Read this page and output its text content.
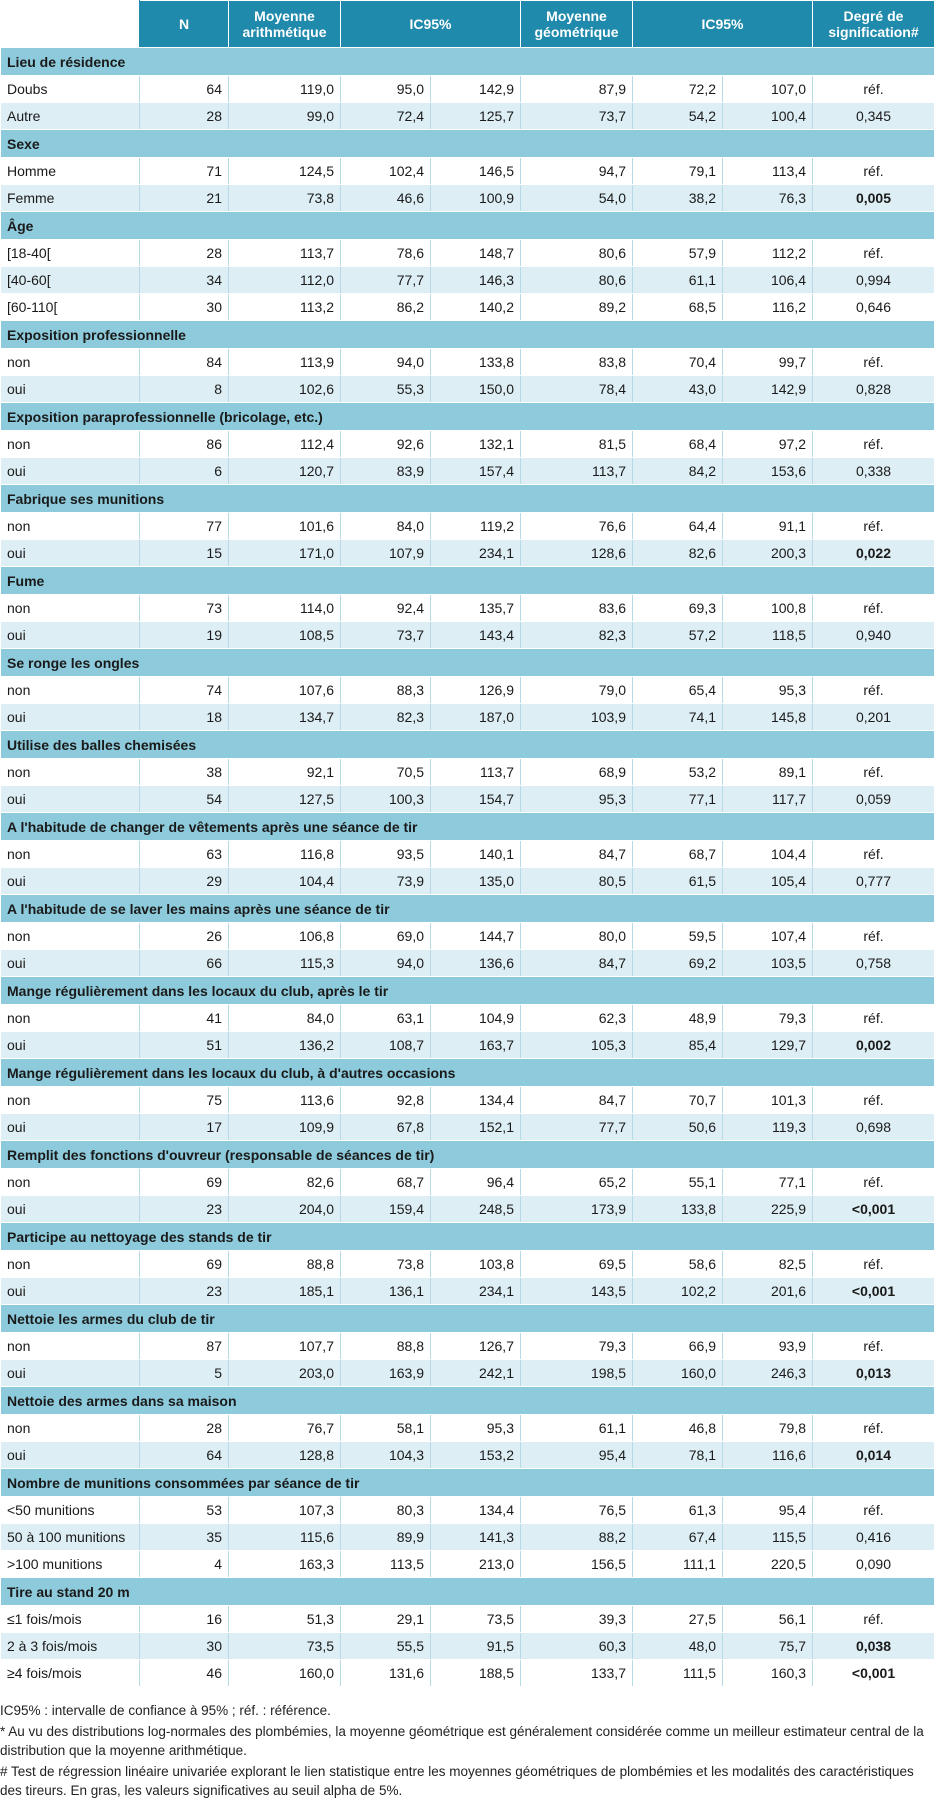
	N	Moyenne arithmétique	IC95%		Moyenne géométrique	IC95%		Degré de signification#
Lieu de résidence								
Doubs	64	119,0	95,0	142,9	87,9	72,2	107,0	réf.
Autre	28	99,0	72,4	125,7	73,7	54,2	100,4	0,345
Sexe								
Homme	71	124,5	102,4	146,5	94,7	79,1	113,4	réf.
Femme	21	73,8	46,6	100,9	54,0	38,2	76,3	0,005
Âge								
[18-40[	28	113,7	78,6	148,7	80,6	57,9	112,2	réf.
[40-60[	34	112,0	77,7	146,3	80,6	61,1	106,4	0,994
[60-110[	30	113,2	86,2	140,2	89,2	68,5	116,2	0,646
Exposition professionnelle								
non	84	113,9	94,0	133,8	83,8	70,4	99,7	réf.
oui	8	102,6	55,3	150,0	78,4	43,0	142,9	0,828
Exposition paraprofessionnelle (bricolage, etc.)								
non	86	112,4	92,6	132,1	81,5	68,4	97,2	réf.
oui	6	120,7	83,9	157,4	113,7	84,2	153,6	0,338
Fabrique ses munitions								
non	77	101,6	84,0	119,2	76,6	64,4	91,1	réf.
oui	15	171,0	107,9	234,1	128,6	82,6	200,3	0,022
Fume								
non	73	114,0	92,4	135,7	83,6	69,3	100,8	réf.
oui	19	108,5	73,7	143,4	82,3	57,2	118,5	0,940
Se ronge les ongles								
non	74	107,6	88,3	126,9	79,0	65,4	95,3	réf.
oui	18	134,7	82,3	187,0	103,9	74,1	145,8	0,201
Utilise des balles chemisées								
non	38	92,1	70,5	113,7	68,9	53,2	89,1	réf.
oui	54	127,5	100,3	154,7	95,3	77,1	117,7	0,059
A l'habitude de changer de vêtements après une séance de tir								
non	63	116,8	93,5	140,1	84,7	68,7	104,4	réf.
oui	29	104,4	73,9	135,0	80,5	61,5	105,4	0,777
A l'habitude de se laver les mains après une séance de tir								
non	26	106,8	69,0	144,7	80,0	59,5	107,4	réf.
oui	66	115,3	94,0	136,6	84,7	69,2	103,5	0,758
Mange régulièrement dans les locaux du club, après le tir								
non	41	84,0	63,1	104,9	62,3	48,9	79,3	réf.
oui	51	136,2	108,7	163,7	105,3	85,4	129,7	0,002
Mange régulièrement dans les locaux du club, à d'autres occasions								
non	75	113,6	92,8	134,4	84,7	70,7	101,3	réf.
oui	17	109,9	67,8	152,1	77,7	50,6	119,3	0,698
Remplit des fonctions d'ouvreur (responsable de séances de tir)								
non	69	82,6	68,7	96,4	65,2	55,1	77,1	réf.
oui	23	204,0	159,4	248,5	173,9	133,8	225,9	<0,001
Participe au nettoyage des stands de tir								
non	69	88,8	73,8	103,8	69,5	58,6	82,5	réf.
oui	23	185,1	136,1	234,1	143,5	102,2	201,6	<0,001
Nettoie les armes du club de tir								
non	87	107,7	88,8	126,7	79,3	66,9	93,9	réf.
oui	5	203,0	163,9	242,1	198,5	160,0	246,3	0,013
Nettoie des armes dans sa maison								
non	28	76,7	58,1	95,3	61,1	46,8	79,8	réf.
oui	64	128,8	104,3	153,2	95,4	78,1	116,6	0,014
Nombre de munitions consommées par séance de tir								
<50 munitions	53	107,3	80,3	134,4	76,5	61,3	95,4	réf.
50 à 100 munitions	35	115,6	89,9	141,3	88,2	67,4	115,5	0,416
>100 munitions	4	163,3	113,5	213,0	156,5	111,1	220,5	0,090
Tire au stand 20 m								
≤1 fois/mois	16	51,3	29,1	73,5	39,3	27,5	56,1	réf.
2 à 3 fois/mois	30	73,5	55,5	91,5	60,3	48,0	75,7	0,038
≥4 fois/mois	46	160,0	131,6	188,5	133,7	111,5	160,3	<0,001

IC95% : intervalle de confiance à 95% ; réf. : référence.

* Au vu des distributions log-normales des plombémies, la moyenne géométrique est généralement considérée comme un meilleur estimateur central de la distribution que la moyenne arithmétique.

# Test de régression linéaire univariée explorant le lien statistique entre les moyennes géométriques de plombémies et les modalités des caractéristiques des tireurs. En gras, les valeurs significatives au seuil alpha de 5%.
